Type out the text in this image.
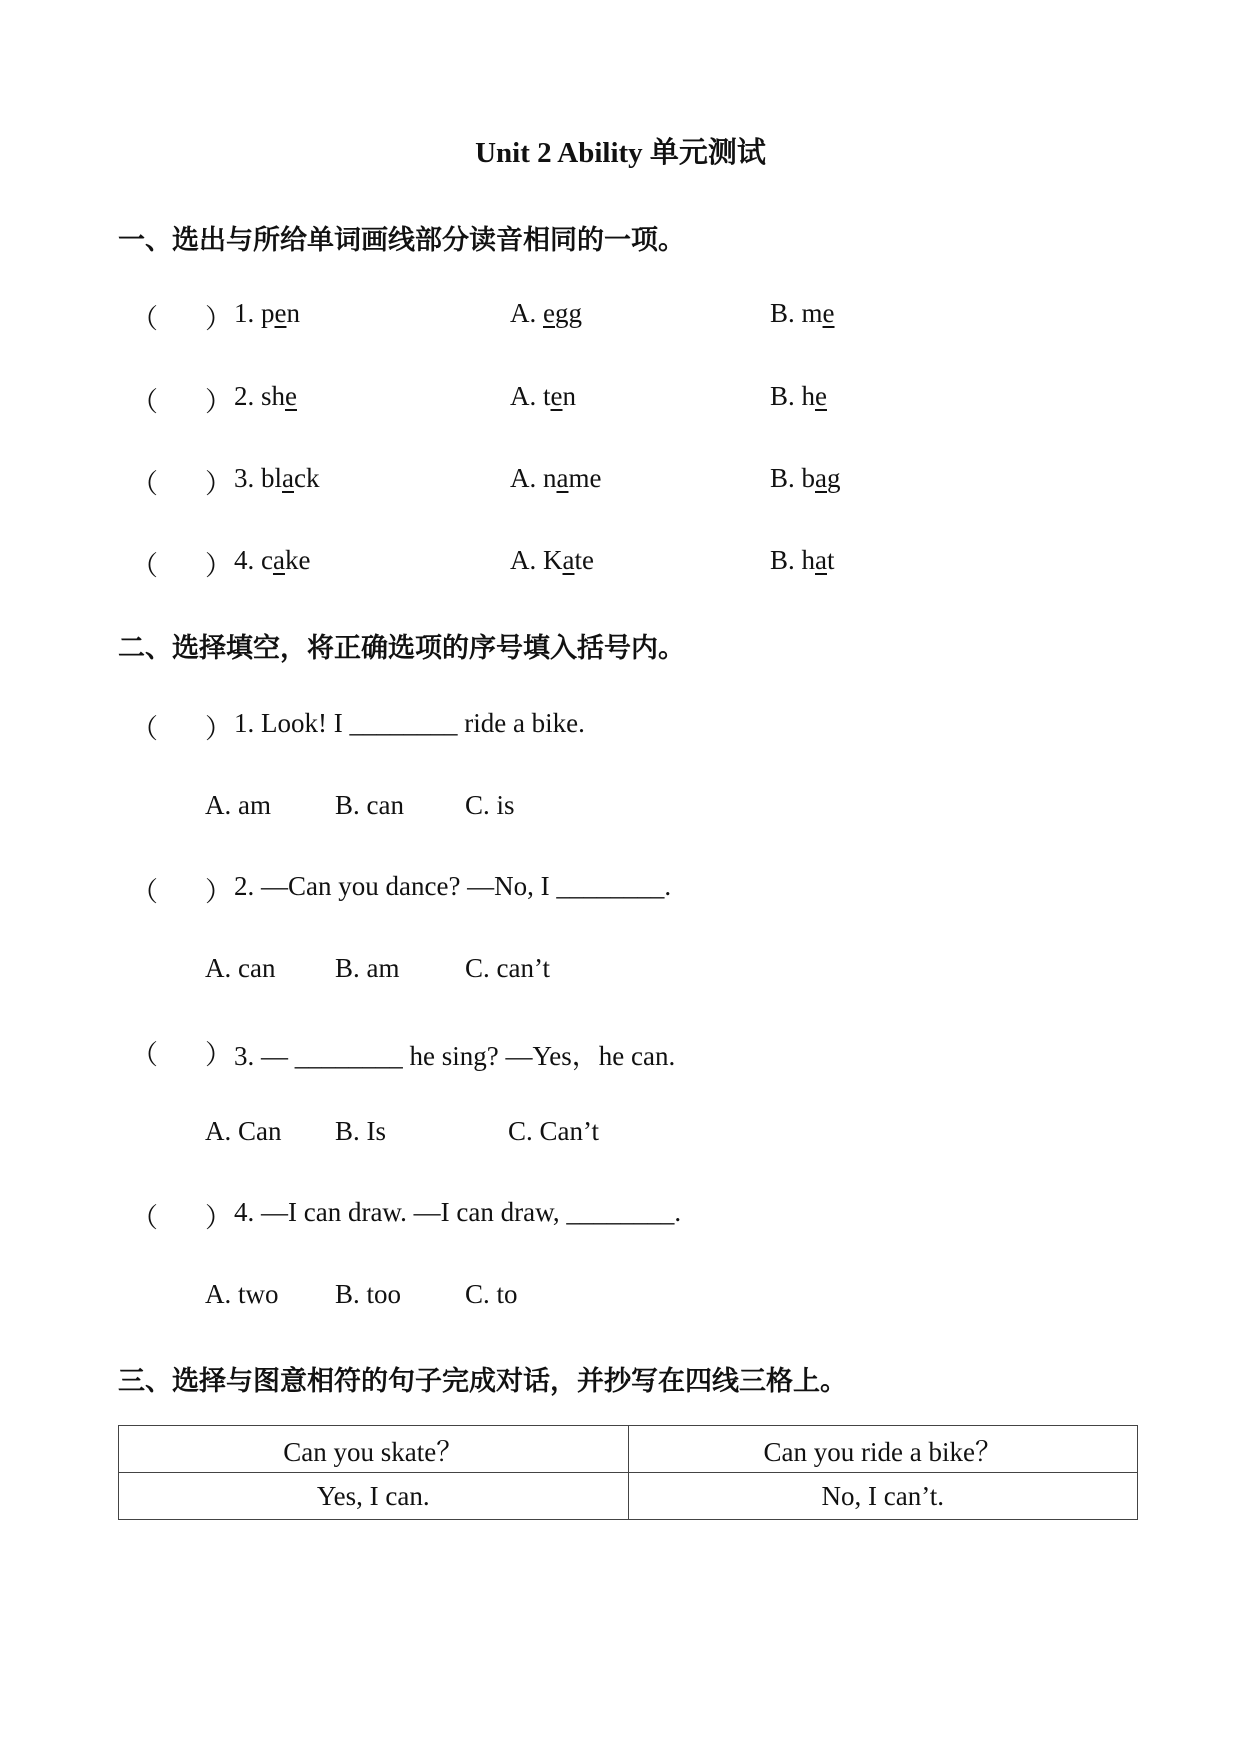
Unit 2 Ability 单元测试
一、选出与所给单词画线部分读音相同的一项。
（ ） 1. pen	A. egg	B. me
（ ） 2. she	A. ten	B. he
（ ） 3. black	A. name	B. bag
（ ） 4. cake	A. Kate	B. hat
二、选择填空，将正确选项的序号填入括号内。
（ ） 1. Look! I ________ ride a bike.
A. am B. can C. is
（ ） 2. —Can you dance? —No, I ________.
A. can B. am C. can’t
（ ） 3. — ________ he sing? —Yes，he can.
A. Can B. Is	C. Can’t
（ ） 4. —I can draw. —I can draw, ________.
A. two B. too C. to
三、选择与图意相符的句子完成对话，并抄写在四线三格上。
Can you skate？	Can you ride a bike？
Yes, I can.	No, I can’t.
